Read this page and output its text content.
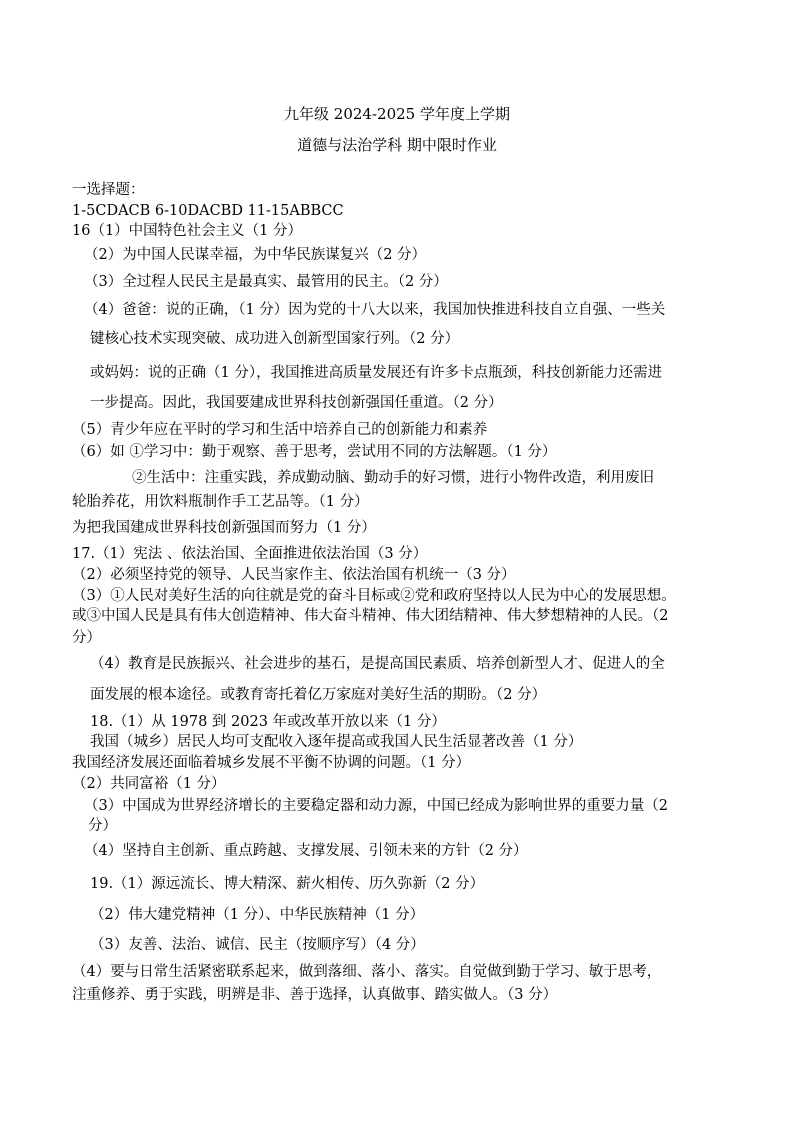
九年级 2024-2025 学年度上学期
道德与法治学科 期中限时作业
一选择题：
1-5CDACB 6-10DACBD 11-15ABBCC
16（1）中国特色社会主义（1 分）
（2）为中国人民谋幸福，为中华民族谋复兴（2 分）
（3）全过程人民民主是最真实、最管用的民主。（2 分）
（4）爸爸：说的正确，（1 分）因为党的十八大以来，我国加快推进科技自立自强、一些关
键核心技术实现突破、成功进入创新型国家行列。（2 分）
或妈妈：说的正确（1 分），我国推进高质量发展还有许多卡点瓶颈，科技创新能力还需进
一步提高。因此，我国要建成世界科技创新强国任重道。（2 分）
（5）青少年应在平时的学习和生活中培养自己的创新能力和素养
（6）如 ①学习中：勤于观察、善于思考，尝试用不同的方法解题。（1 分）
②生活中：注重实践，养成勤动脑、勤动手的好习惯，进行小物件改造，利用废旧
轮胎养花，用饮料瓶制作手工艺品等。（1 分）
为把我国建成世界科技创新强国而努力（1 分）
17.（1）宪法 、依法治国、全面推进依法治国（3 分）
（2）必须坚持党的领导、人民当家作主、依法治国有机统一（3 分）
（3）①人民对美好生活的向往就是党的奋斗目标或②党和政府坚持以人民为中心的发展思想。
或③中国人民是具有伟大创造精神、伟大奋斗精神、伟大团结精神、伟大梦想精神的人民。（2
分）
（4）教育是民族振兴、社会进步的基石，是提高国民素质、培养创新型人才、促进人的全
面发展的根本途径。或教育寄托着亿万家庭对美好生活的期盼。（2 分）
18.（1）从 1978 到 2023 年或改革开放以来（1 分）
我国（城乡）居民人均可支配收入逐年提高或我国人民生活显著改善（1 分）
我国经济发展还面临着城乡发展不平衡不协调的问题。（1 分）
（2）共同富裕（1 分）
（3）中国成为世界经济增长的主要稳定器和动力源，中国已经成为影响世界的重要力量（2
分）
（4）坚持自主创新、重点跨越、支撑发展、引领未来的方针（2 分）
19.（1）源远流长、博大精深、薪火相传、历久弥新（2 分）
（2）伟大建党精神（1 分）、中华民族精神（1 分）
（3）友善、法治、诚信、民主（按顺序写）（4 分）
（4）要与日常生活紧密联系起来，做到落细、落小、落实。自觉做到勤于学习、敏于思考，
注重修养、勇于实践，明辨是非、善于选择，认真做事、踏实做人。（3 分）
